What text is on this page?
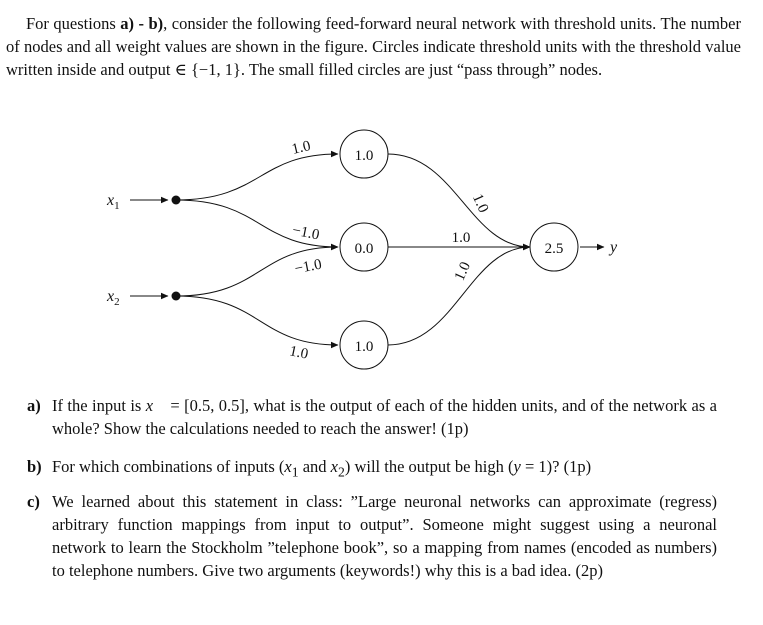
For questions a) - b), consider the following feed-forward neural network with threshold units. The number of nodes and all weight values are shown in the figure. Circles indicate threshold units with the threshold value written inside and output ∈ {−1, 1}. The small filled circles are just “pass through” nodes.

$x_1$
$x_2$
y
1.0
0.0
1.0
2.5
1.0
−1.0
−1.0
1.0
1.0
1.0
1.0

a) If the input is x⃗ = [0.5, 0.5], what is the output of each of the hidden units, and of the network as a whole? Show the calculations needed to reach the answer! (1p)

b) For which combinations of inputs ($x_1$ and $x_2$) will the output be high (y = 1)? (1p)

c) We learned about this statement in class: ”Large neuronal networks can approximate (regress) arbitrary function mappings from input to output”. Someone might suggest using a neuronal network to learn the Stockholm ”telephone book”, so a mapping from names (encoded as numbers) to telephone numbers. Give two arguments (keywords!) why this is a bad idea. (2p)
